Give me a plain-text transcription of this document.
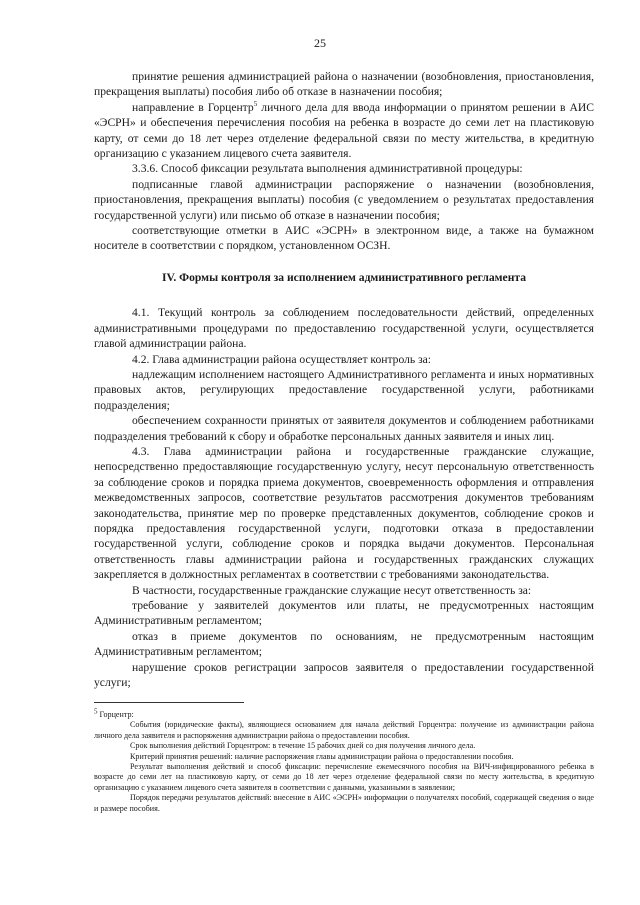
25

принятие решения администрацией района о назначении (возобновления, приостановления, прекращения выплаты) пособия либо об отказе в назначении пособия;

направление в Горцентр$^5$ личного дела для ввода информации о принятом решении в АИС «ЭСРН» и обеспечения перечисления пособия на ребенка в возрасте до семи лет на пластиковую карту, от семи до 18 лет через отделение федеральной связи по месту жительства, в кредитную организацию с указанием лицевого счета заявителя.

3.3.6. Способ фиксации результата выполнения административной процедуры:

подписанные главой администрации распоряжение о назначении (возобновления, приостановления, прекращения выплаты) пособия (с уведомлением о результатах предоставления государственной услуги) или письмо об отказе в назначении пособия;

соответствующие отметки в АИС «ЭСРН» в электронном виде, а также на бумажном носителе в соответствии с порядком, установленном ОСЗН.

IV. Формы контроля за исполнением административного регламента

4.1. Текущий контроль за соблюдением последовательности действий, определенных административными процедурами по предоставлению государственной услуги, осуществляется главой администрации района.

4.2. Глава администрации района осуществляет контроль за:

надлежащим исполнением настоящего Административного регламента и иных нормативных правовых актов, регулирующих предоставление государственной услуги, работниками подразделения;

обеспечением сохранности принятых от заявителя документов и соблюдением работниками подразделения требований к сбору и обработке персональных данных заявителя и иных лиц.

4.3. Глава администрации района и государственные гражданские служащие, непосредственно предоставляющие государственную услугу, несут персональную ответственность за соблюдение сроков и порядка приема документов, своевременность оформления и отправления межведомственных запросов, соответствие результатов рассмотрения документов требованиям законодательства, принятие мер по проверке представленных документов, соблюдение сроков и порядка предоставления государственной услуги, подготовки отказа в предоставлении государственной услуги, соблюдение сроков и порядка выдачи документов. Персональная ответственность главы администрации района и государственных гражданских служащих закрепляется в должностных регламентах в соответствии с требованиями законодательства.

В частности, государственные гражданские служащие несут ответственность за:

требование у заявителей документов или платы, не предусмотренных настоящим Административным регламентом;

отказ в приеме документов по основаниям, не предусмотренным настоящим Административным регламентом;

нарушение сроков регистрации запросов заявителя о предоставлении государственной услуги;

$^5$ Горцентр:

События (юридические факты), являющиеся основанием для начала действий Горцентра: получение из администрации района личного дела заявителя и распоряжения администрации района о предоставлении пособия.

Срок выполнения действий Горцентром: в течение 15 рабочих дней со дня получения личного дела.

Критерий принятия решений: наличие распоряжения главы администрации района о предоставлении пособия.

Результат выполнения действий и способ фиксации: перечисление ежемесячного пособия на ВИЧ-инфицированного ребенка в возрасте до семи лет на пластиковую карту, от семи до 18 лет через отделение федеральной связи по месту жительства, в кредитную организацию с указанием лицевого счета заявителя в соответствии с данными, указанными в заявлении;

Порядок передачи результатов действий: внесение в АИС «ЭСРН» информации о получателях пособий, содержащей сведения о виде и размере пособия.
